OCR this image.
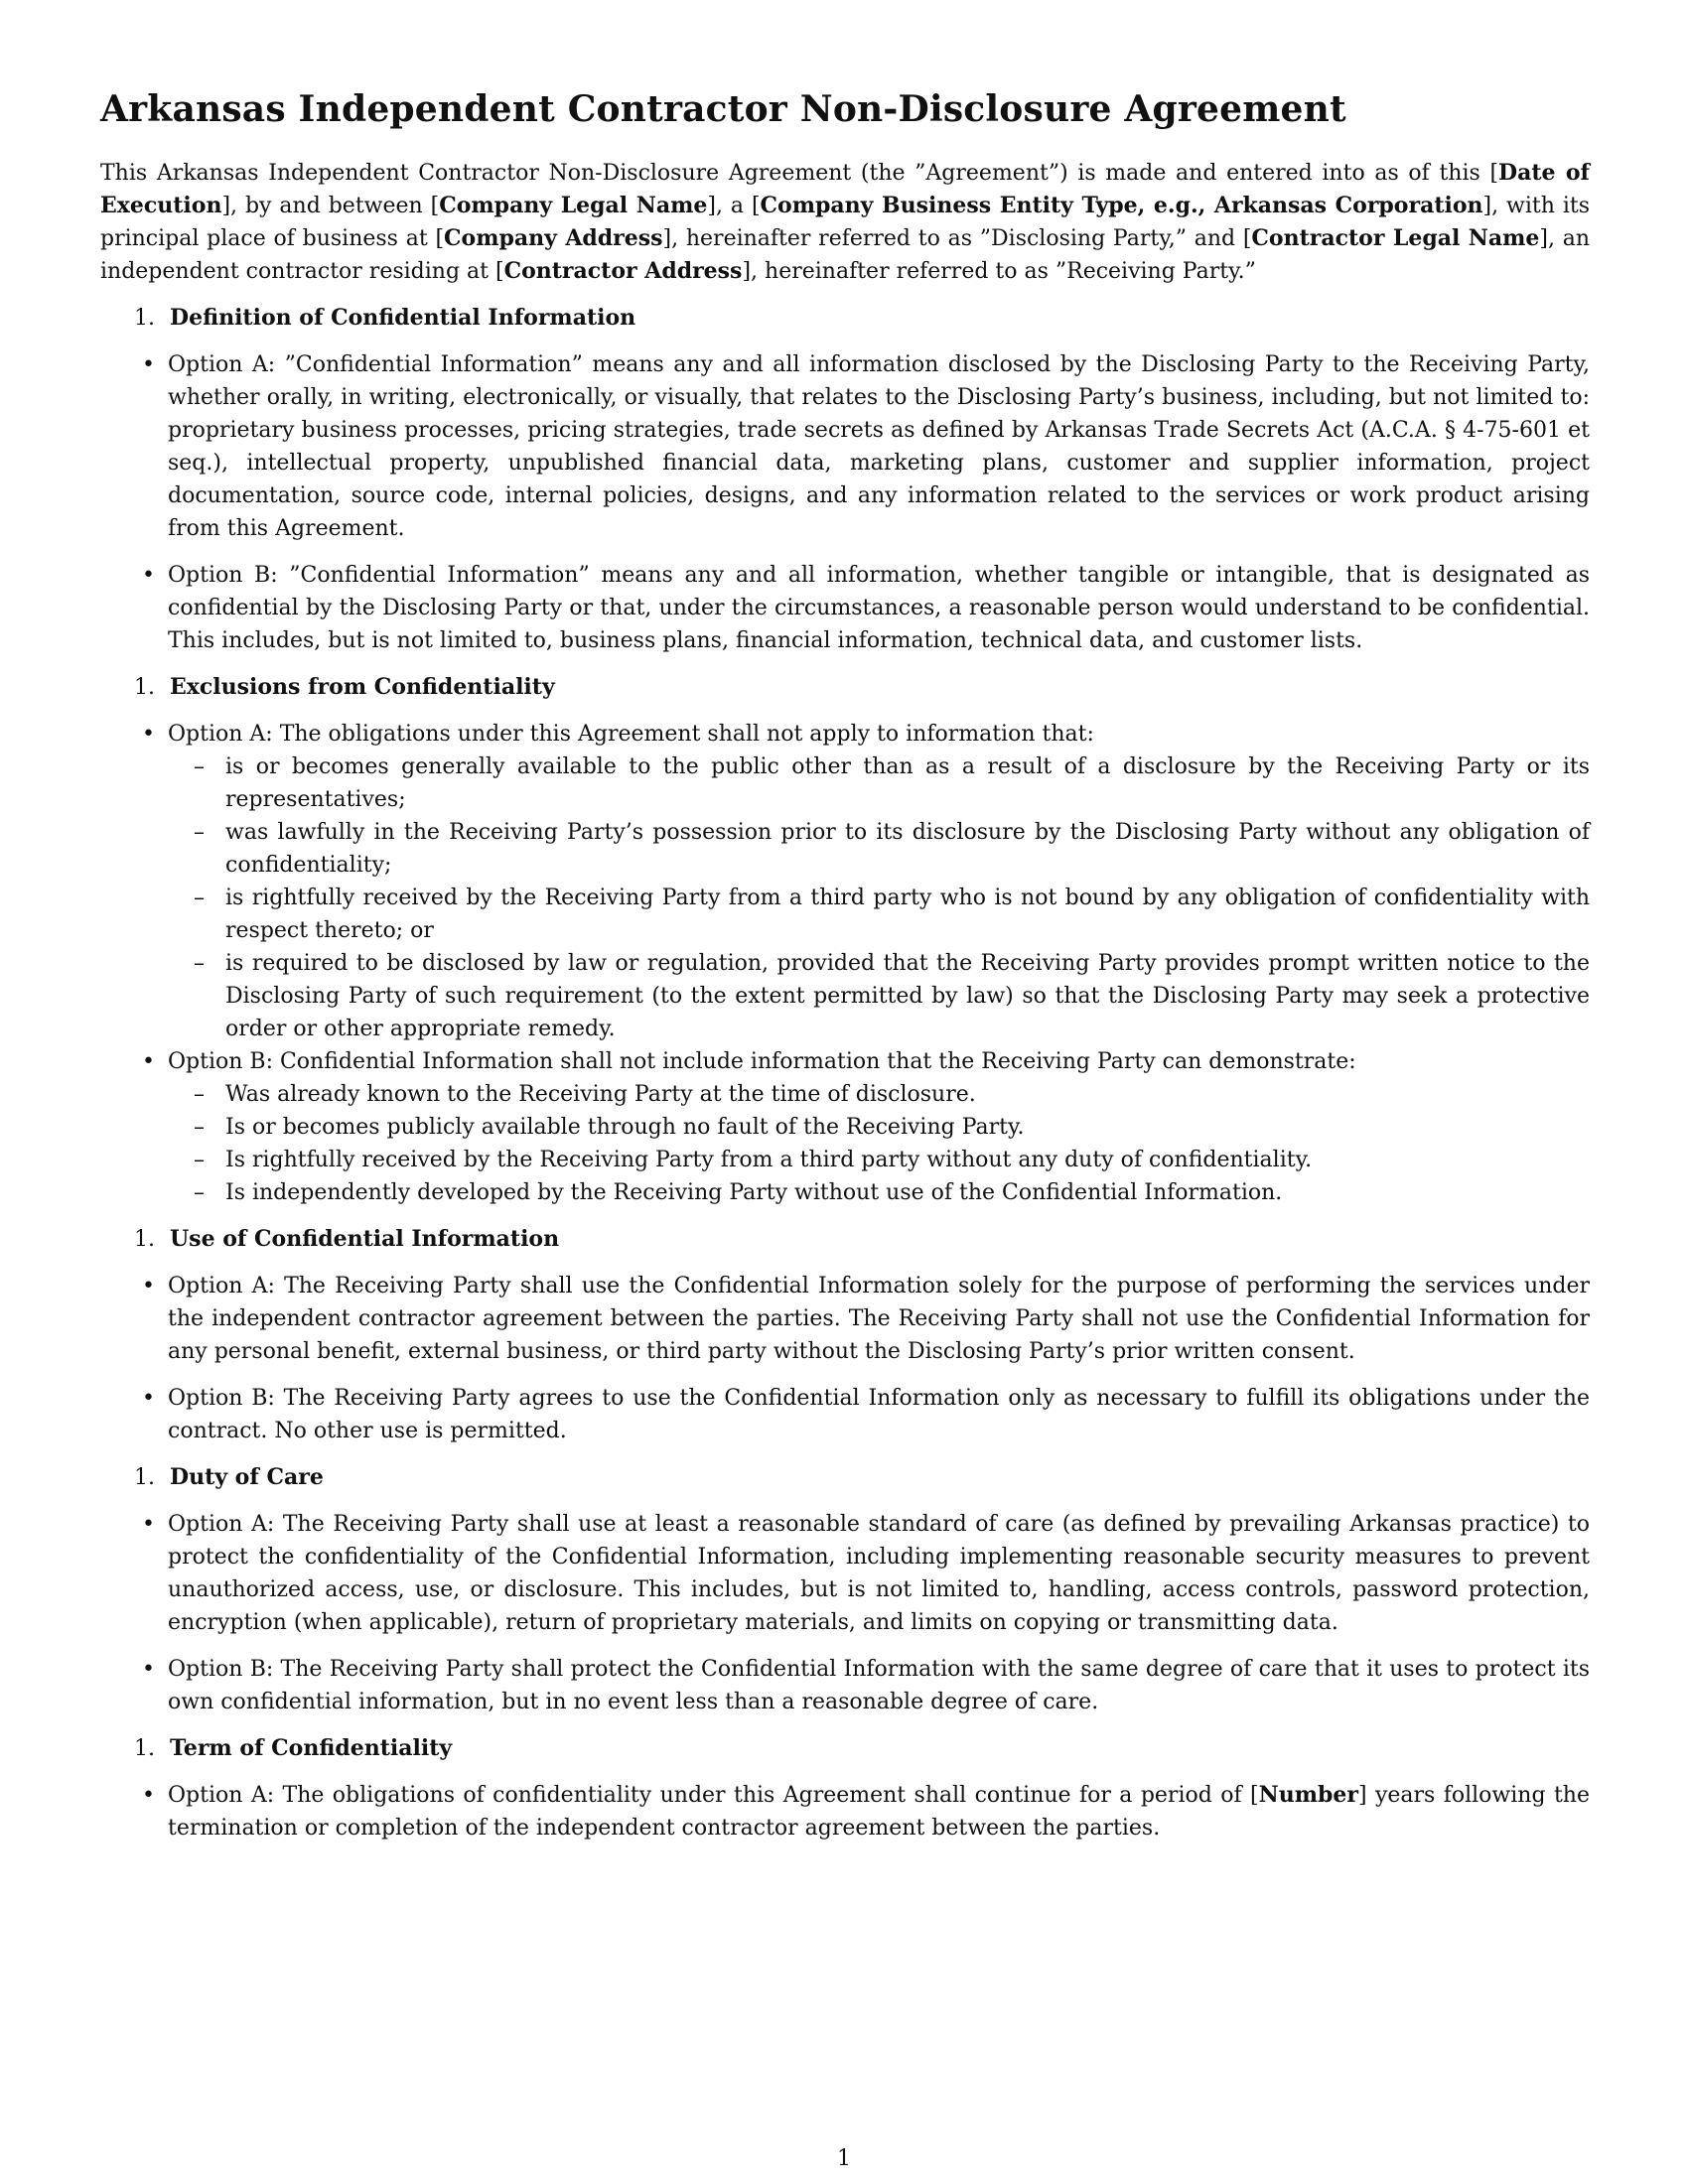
Arkansas Independent Contractor Non-Disclosure Agreement

This Arkansas Independent Contractor Non-Disclosure Agreement (the ”Agreement”) is made and entered into as of this [Date of Execution], by and between [Company Legal Name], a [Company Business Entity Type, e.g., Arkansas Corporation], with its principal place of business at [Company Address], hereinafter referred to as ”Disclosing Party,” and [Contractor Legal Name], an independent contractor residing at [Contractor Address], hereinafter referred to as ”Receiving Party.”

1. Definition of Confidential Information
• Option A: ”Confidential Information” means any and all information disclosed by the Disclosing Party to the Receiving Party, whether orally, in writing, electronically, or visually, that relates to the Disclosing Party’s business, including, but not limited to: proprietary business processes, pricing strategies, trade secrets as defined by Arkansas Trade Secrets Act (A.C.A. § 4-75-601 et seq.), intellectual property, unpublished financial data, marketing plans, customer and supplier information, project documentation, source code, internal policies, designs, and any information related to the services or work product arising from this Agreement.
• Option B: ”Confidential Information” means any and all information, whether tangible or intangible, that is designated as confidential by the Disclosing Party or that, under the circumstances, a reasonable person would understand to be confidential. This includes, but is not limited to, business plans, financial information, technical data, and customer lists.
1. Exclusions from Confidentiality
• Option A: The obligations under this Agreement shall not apply to information that:
– is or becomes generally available to the public other than as a result of a disclosure by the Receiving Party or its representatives;
– was lawfully in the Receiving Party’s possession prior to its disclosure by the Disclosing Party without any obligation of confidentiality;
– is rightfully received by the Receiving Party from a third party who is not bound by any obligation of confidentiality with respect thereto; or
– is required to be disclosed by law or regulation, provided that the Receiving Party provides prompt written notice to the Disclosing Party of such requirement (to the extent permitted by law) so that the Disclosing Party may seek a protective order or other appropriate remedy.
• Option B: Confidential Information shall not include information that the Receiving Party can demonstrate:
– Was already known to the Receiving Party at the time of disclosure.
– Is or becomes publicly available through no fault of the Receiving Party.
– Is rightfully received by the Receiving Party from a third party without any duty of confidentiality.
– Is independently developed by the Receiving Party without use of the Confidential Information.
1. Use of Confidential Information
• Option A: The Receiving Party shall use the Confidential Information solely for the purpose of performing the services under the independent contractor agreement between the parties. The Receiving Party shall not use the Confidential Information for any personal benefit, external business, or third party without the Disclosing Party’s prior written consent.
• Option B: The Receiving Party agrees to use the Confidential Information only as necessary to fulfill its obligations under the contract. No other use is permitted.
1. Duty of Care
• Option A: The Receiving Party shall use at least a reasonable standard of care (as defined by prevailing Arkansas practice) to protect the confidentiality of the Confidential Information, including implementing reasonable security measures to prevent unauthorized access, use, or disclosure. This includes, but is not limited to, handling, access controls, password protection, encryption (when applicable), return of proprietary materials, and limits on copying or transmitting data.
• Option B: The Receiving Party shall protect the Confidential Information with the same degree of care that it uses to protect its own confidential information, but in no event less than a reasonable degree of care.
1. Term of Confidentiality
• Option A: The obligations of confidentiality under this Agreement shall continue for a period of [Number] years following the termination or completion of the independent contractor agreement between the parties.
1
